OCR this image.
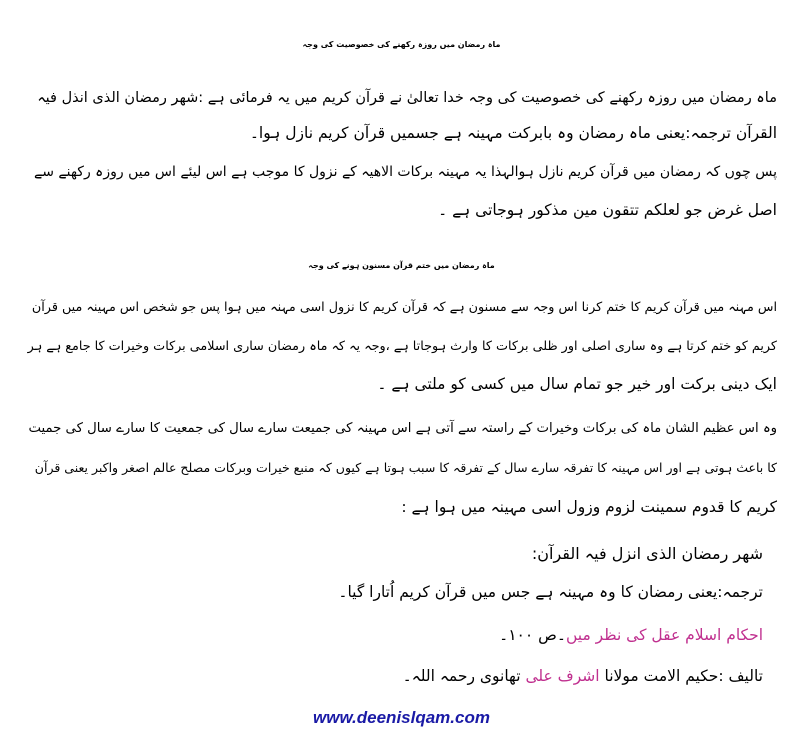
ماہ رمضان میں روزہ رکھنے کی خصوصیت کی وجہ
ماہ رمضان میں روزہ رکھنے کی خصوصیت کی وجہ خدا تعالیٰ نے قرآن کریم میں یہ فرمائی ہے :شھر رمضان الذی انذل فیہ
القرآن ترجمہ:یعنی ماہ رمضان وہ بابرکت مہینہ ہے جسمیں قرآن کریم نازل ہوا۔
پس چوں کہ رمضان میں قرآن کریم نازل ہوالہذا یہ مہینہ برکات الاھیہ کے نزول کا موجب ہے اس لیئے اس میں روزہ رکھنے سے
اصل غرض جو لعلکم تتقون مین مذکور ہوجاتی ہے ۔
ماہ رمضان میں ختم قرآن مسنون ہونے کی وجہ
اس مہنہ میں قرآن کریم کا ختم کرنا اس وجہ سے مسنون ہے کہ قرآن کریم کا نزول اسی مہنہ میں ہوا پس جو شخص اس مہینہ میں قرآن
کریم کو ختم کرتا ہے وہ ساری اصلی اور ظلی برکات کا وارث ہوجاتا ہے ،وجہ یہ کہ ماہ رمضان ساری اسلامی برکات وخیرات کا جامع ہے ہر
ایک دینی برکت اور خیر جو تمام سال میں کسی کو ملتی ہے ۔
وہ اس عظیم الشان ماہ کی برکات وخیرات کے راستہ سے آتی ہے اس مہینہ کی جمیعت سارے سال کی جمعیت کا سارے سال کی جمیت
کا باعث ہوتی ہے اور اس مہینہ کا تفرقہ سارے سال کے تفرقہ کا سبب ہوتا ہے کیوں کہ منبع خیرات وبرکات مصلح عالم اصغر واکبر یعنی قرآن
کریم کا قدوم سمینت لزوم وزول اسی مہینہ میں ہوا ہے :
شھر رمضان الذی انزل فیہ القرآن:
ترجمہ:یعنی رمضان کا وہ مہینہ ہے جس میں قرآن کریم اُتارا گیا۔
احکام اسلام عقل کی نظر میں۔ص ۱۰۰۔
تالیف :حکیم الامت مولانا اشرف علی تھانوی رحمہ اللہ۔
www.deenislqam.com
